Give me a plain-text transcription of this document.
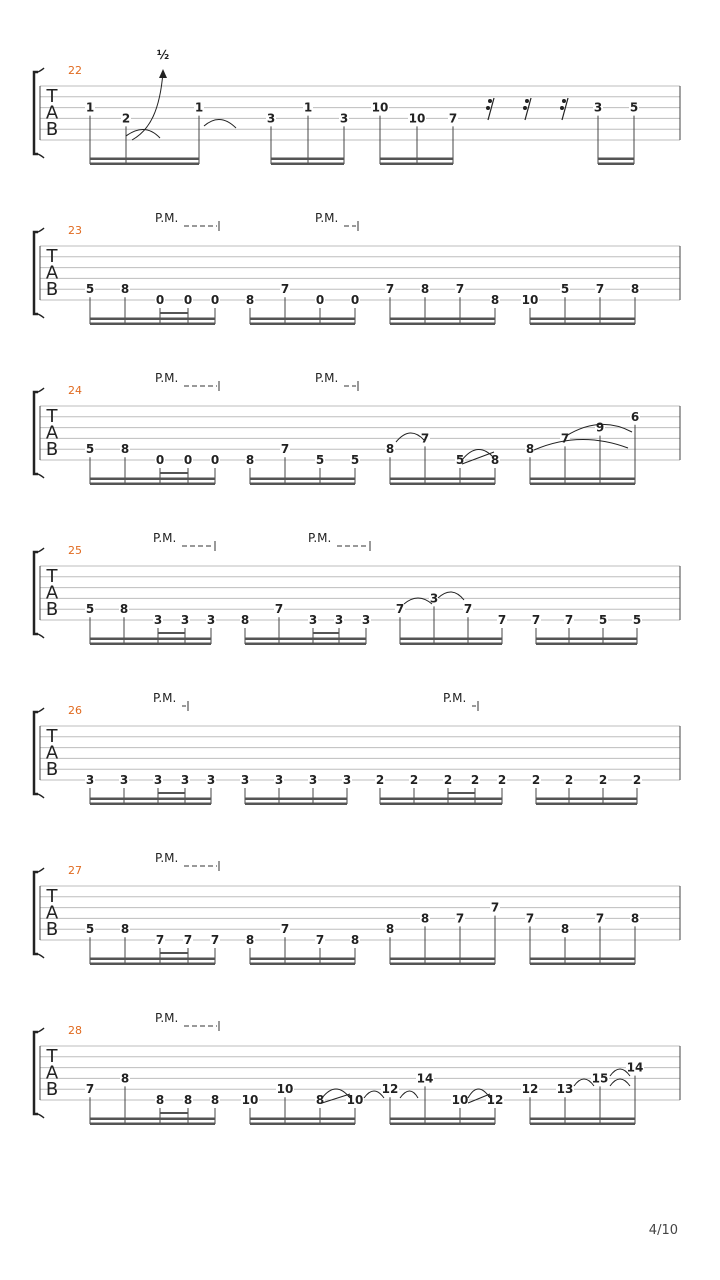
T
A
B
22
1
2
1
3
1
3
10
10 7
3 5
T
A
B
23
P.M.	P.M.
5 8
0 0 0 8
7
0 0
7 8 7
8 10
5 7 8
T
A
B
24
P.M.	P.M.
5 8
0 0 0 8
7
5 5
8
7
5 8
8
7
9
6
T
A
B
25
P.M.	P.M.
5 8
3 3 3 8
7
3 3 3
7
3
7
7 7 7 5 5
T
A
B
26
P.M.	P.M.
3 3 3 3 3 3 3 3 3 2 2 2 2 2 2 2 2 2
T
A
B
27
P.M.
5 8
7 7 7 8
7
7 8
8
8 7
7
7
8
7 8
T
A
B
28
P.M.
7
8
8 8 8 10
10
8 10
12
14
10 12
12 13
15
14
½
4/10
